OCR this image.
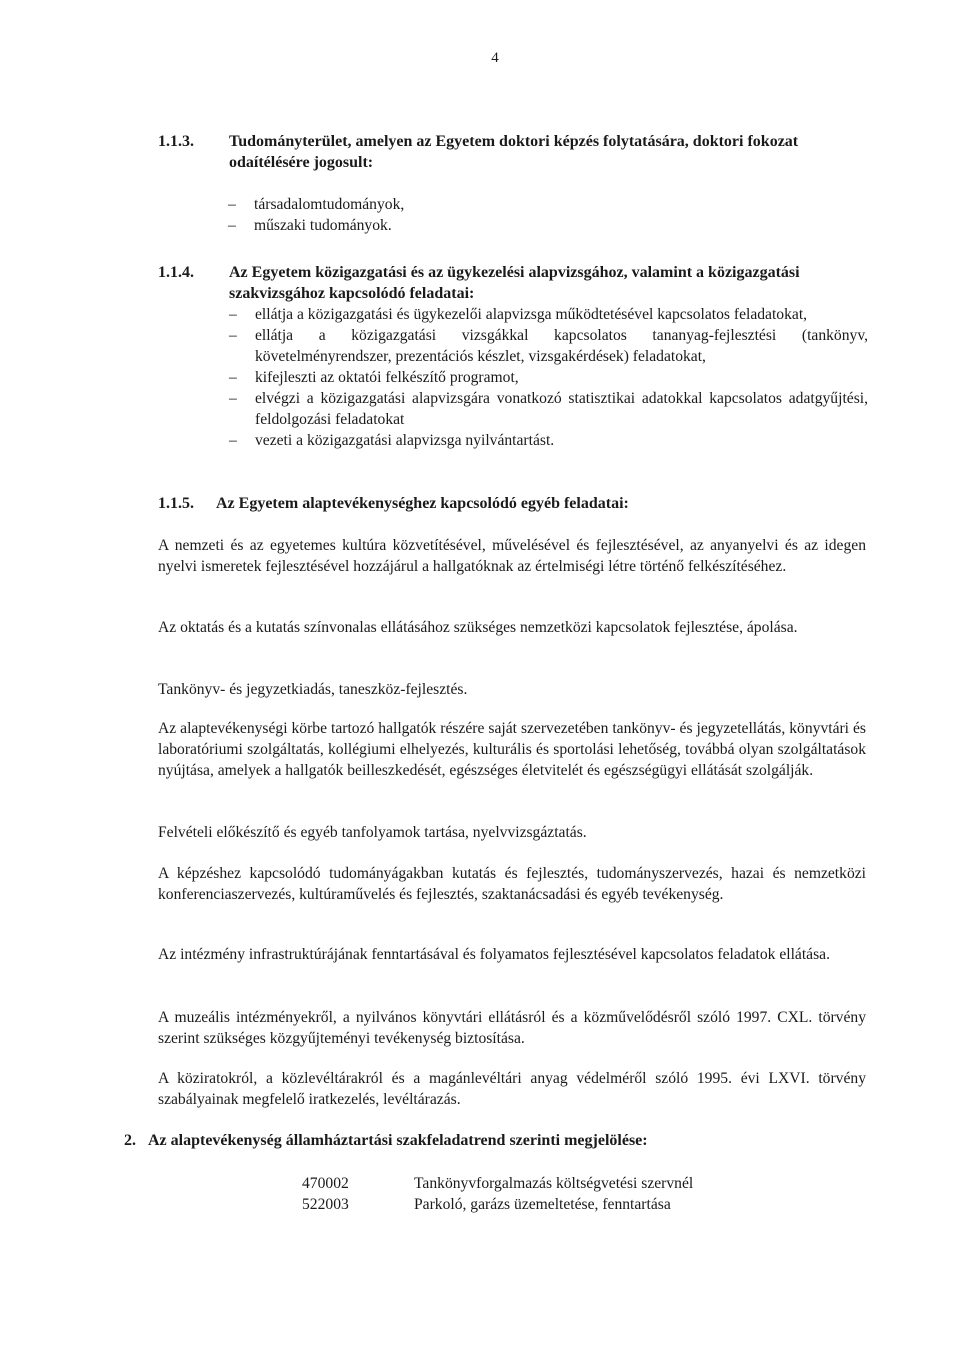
4
1.1.3. Tudományterület, amelyen az Egyetem doktori képzés folytatására, doktori fokozat odaítélésére jogosult:
– társadalomtudományok,
– műszaki tudományok.
1.1.4. Az Egyetem közigazgatási és az ügykezelési alapvizsgához, valamint a közigazgatási szakvizsgához kapcsolódó feladatai:
– ellátja a közigazgatási és ügykezelői alapvizsga működtetésével kapcsolatos feladatokat,
– ellátja a közigazgatási vizsgákkal kapcsolatos tananyag-fejlesztési (tankönyv, követelményrendszer, prezentációs készlet, vizsgakérdések) feladatokat,
– kifejleszti az oktatói felkészítő programot,
– elvégzi a közigazgatási alapvizsgára vonatkozó statisztikai adatokkal kapcsolatos adatgyűjtési, feldolgozási feladatokat
– vezeti a közigazgatási alapvizsga nyilvántartást.
1.1.5. Az Egyetem alaptevékenységhez kapcsolódó egyéb feladatai:

A nemzeti és az egyetemes kultúra közvetítésével, művelésével és fejlesztésével, az anyanyelvi és az idegen nyelvi ismeretek fejlesztésével hozzájárul a hallgatóknak az értelmiségi létre történő felkészítéséhez.

Az oktatás és a kutatás színvonalas ellátásához szükséges nemzetközi kapcsolatok fejlesztése, ápolása.

Tankönyv- és jegyzetkiadás, taneszköz-fejlesztés.

Az alaptevékenységi körbe tartozó hallgatók részére saját szervezetében tankönyv- és jegyzetellátás, könyvtári és laboratóriumi szolgáltatás, kollégiumi elhelyezés, kulturális és sportolási lehetőség, továbbá olyan szolgáltatások nyújtása, amelyek a hallgatók beilleszkedését, egészséges életvitelét és egészségügyi ellátását szolgálják.

Felvételi előkészítő és egyéb tanfolyamok tartása, nyelvvizsgáztatás.

A képzéshez kapcsolódó tudományágakban kutatás és fejlesztés, tudományszervezés, hazai és nemzetközi konferenciaszervezés, kultúraművelés és fejlesztés, szaktanácsadási és egyéb tevékenység.

Az intézmény infrastruktúrájának fenntartásával és folyamatos fejlesztésével kapcsolatos feladatok ellátása.

A muzeális intézményekről, a nyilvános könyvtári ellátásról és a közművelődésről szóló 1997. CXL. törvény szerint szükséges közgyűjteményi tevékenység biztosítása.

A köziratokról, a közlevéltárakról és a magánlevéltári anyag védelméről szóló 1995. évi LXVI. törvény szabályainak megfelelő iratkezelés, levéltárazás.

2. Az alaptevékenység államháztartási szakfeladatrend szerinti megjelölése:
470002	Tankönyvforgalmazás költségvetési szervnél
522003	Parkoló, garázs üzemeltetése, fenntartása
